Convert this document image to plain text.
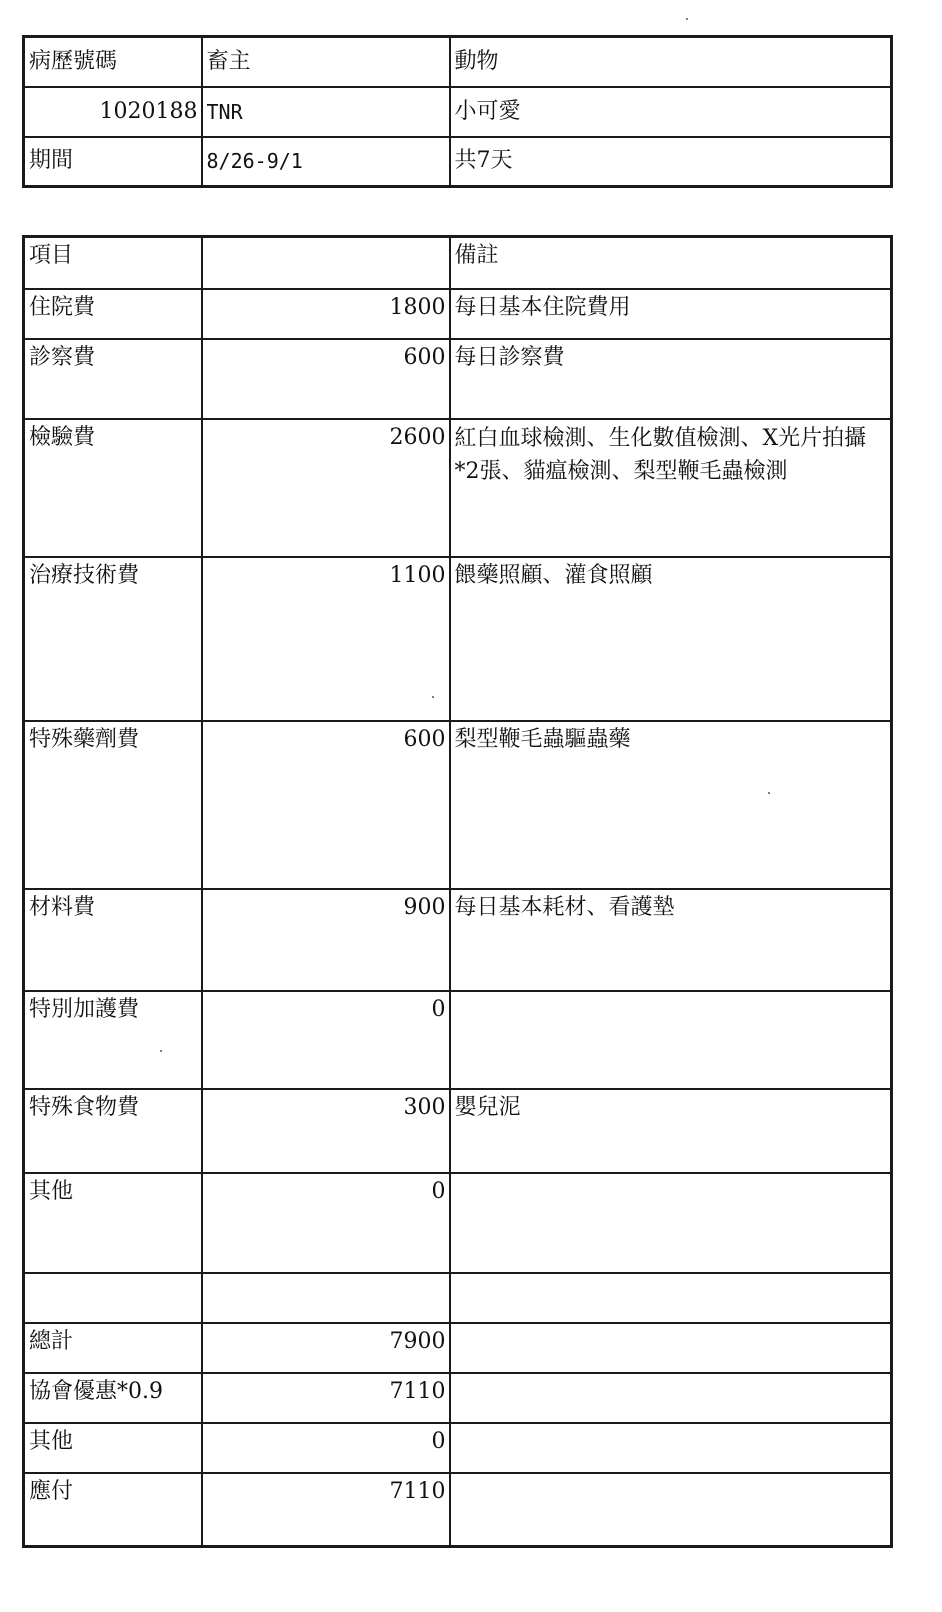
病歷號碼	畜主	動物
1020188	TNR	小可愛
期間	8/26-9/1	共7天
項目		備註
住院費	1800	每日基本住院費用
診察費	600	每日診察費
檢驗費	2600	紅白血球檢測、生化數值檢測、X光片拍攝*2張、貓瘟檢測、梨型鞭毛蟲檢測
治療技術費	1100	餵藥照顧、灌食照顧
特殊藥劑費	600	梨型鞭毛蟲驅蟲藥
材料費	900	每日基本耗材、看護墊
特別加護費	0	
特殊食物費	300	嬰兒泥
其他	0	

總計	7900	
協會優惠*0.9	7110	
其他	0	
應付	7110	
